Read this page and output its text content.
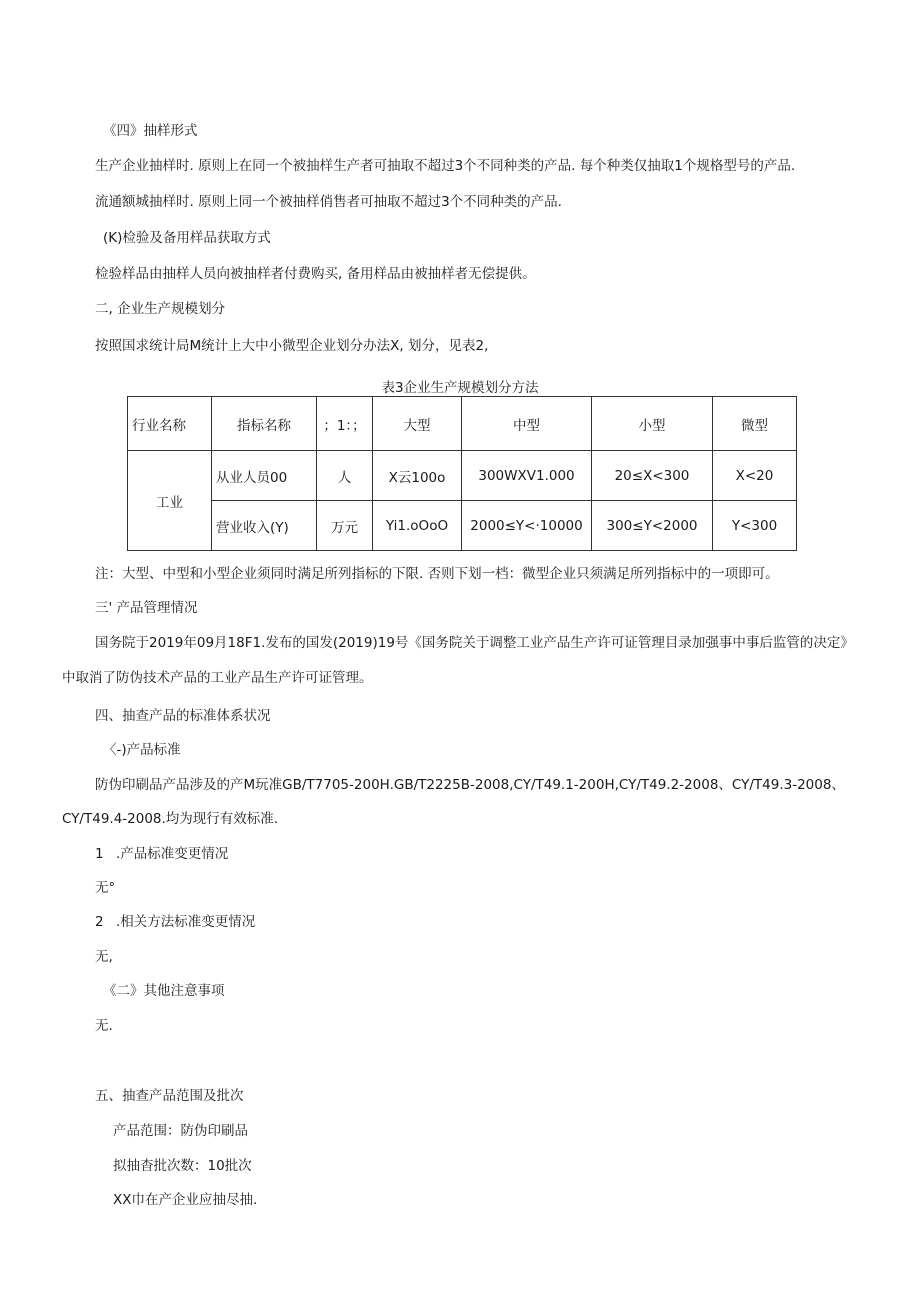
《四》抽样形式

生产企业抽样时. 原则上在同一个被抽样生产者可抽取不超过3个不同种类的产品. 每个种类仅抽取1个规格型号的产品.

流通额城抽样时. 原则上同一个被抽样俏售者可抽取不超过3个不同种类的产品.

(K)检验及备用样品获取方式

检验样品由抽样人员向被抽样者付费购买, 备用样品由被抽样者无偿提供。

二, 企业生产规模划分

按照国求统计局M统计上大中小微型企业划分办法X, 划分，见表2,

表3企业生产规模划分方法
行业名称	指标名称	；1：；	大型	中型	小型	微型
工业	从业人员00	人	X云100o	300WXV1.000	20≤X<300	X<20
	营业收入(Y)	万元	Yi1.oOoO	2000≤Y<·10000	300≤Y<2000	Y<300

注：大型、中型和小型企业须同时满足所列指标的下限. 否则下划一档：微型企业只须满足所列指标中的一项即可。

三' 产品管理情况

国务院于2019年09月18F1.发布的国发(2019)19号《国务院关于调整工业产品生产许可证管理目录加强事中事后监管的决定》

中取消了防伪技术产品的工业产品生产许可证管理。

四、抽查产品的标准体系状况

〈-)产品标准

防伪印刷品产品涉及的产M玩准GB/T7705-200H.GB/T2225B-2008,CY/T49.1-200H,CY/T49.2-2008、CY/T49.3-2008、

CY/T49.4-2008.均为现行有效标准.

1 .产品标准变更情况

无°

2 .相关方法标准变更情况

无,

《二》其他注意事项

无.

五、抽查产品范围及批次

产品范围：防伪印刷品

拟抽杳批次数：10批次

XX巾在产企业应抽尽抽.
